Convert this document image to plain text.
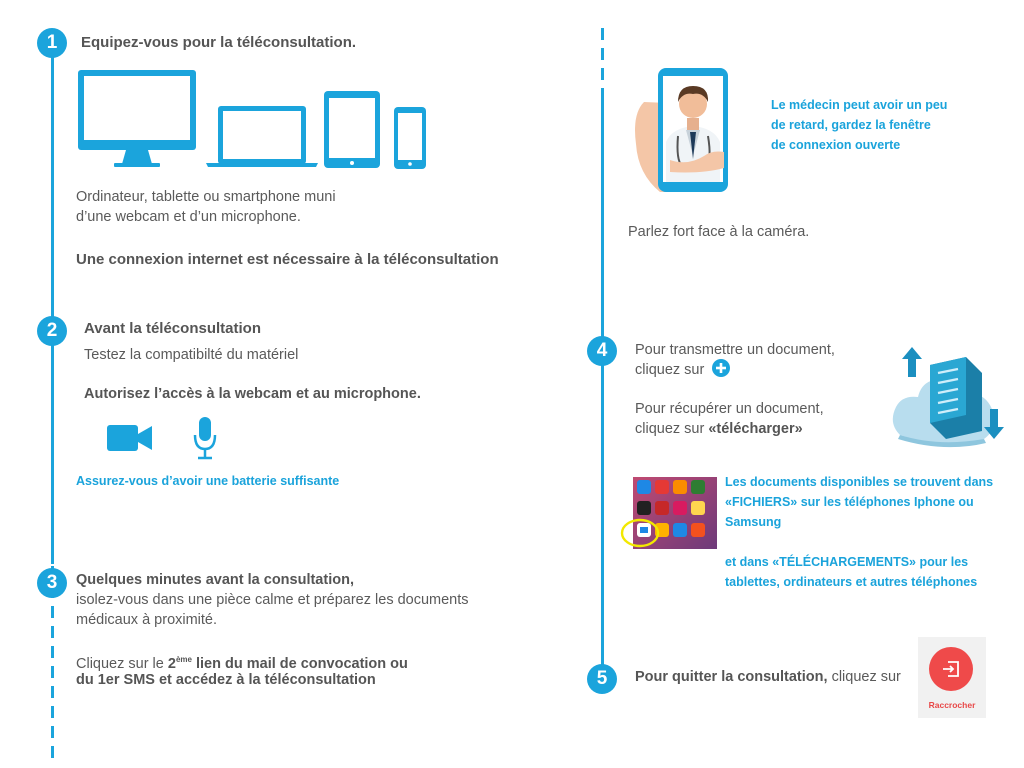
1	Equipez-vous pour la téléconsultation.
Ordinateur, tablette ou smartphone muni
d’une webcam et d’un microphone.
Une connexion internet est nécessaire à la téléconsultation
2	Avant la téléconsultation
Testez la compatibilté du matériel
Autorisez l’accès à la webcam et au microphone.
Assurez-vous d’avoir une batterie suffisante
3	Quelques minutes avant la consultation,
isolez-vous dans une pièce calme et préparez les documents
médicaux à proximité.
Cliquez sur le 2ème lien du mail de convocation ou
du 1er SMS et accédez à la téléconsultation
Le médecin peut avoir un peu
de retard, gardez la fenêtre
de connexion ouverte
Parlez fort face à la caméra.
4	Pour transmettre un document,
cliquez sur
Pour récupérer un document,
cliquez sur «télécharger»
Les documents disponibles se trouvent dans
«FICHIERS» sur les téléphones Iphone ou
Samsung
et dans «TÉLÉCHARGEMENTS» pour les
tablettes, ordinateurs et autres téléphones
5	Pour quitter la consultation, cliquez sur
Raccrocher
